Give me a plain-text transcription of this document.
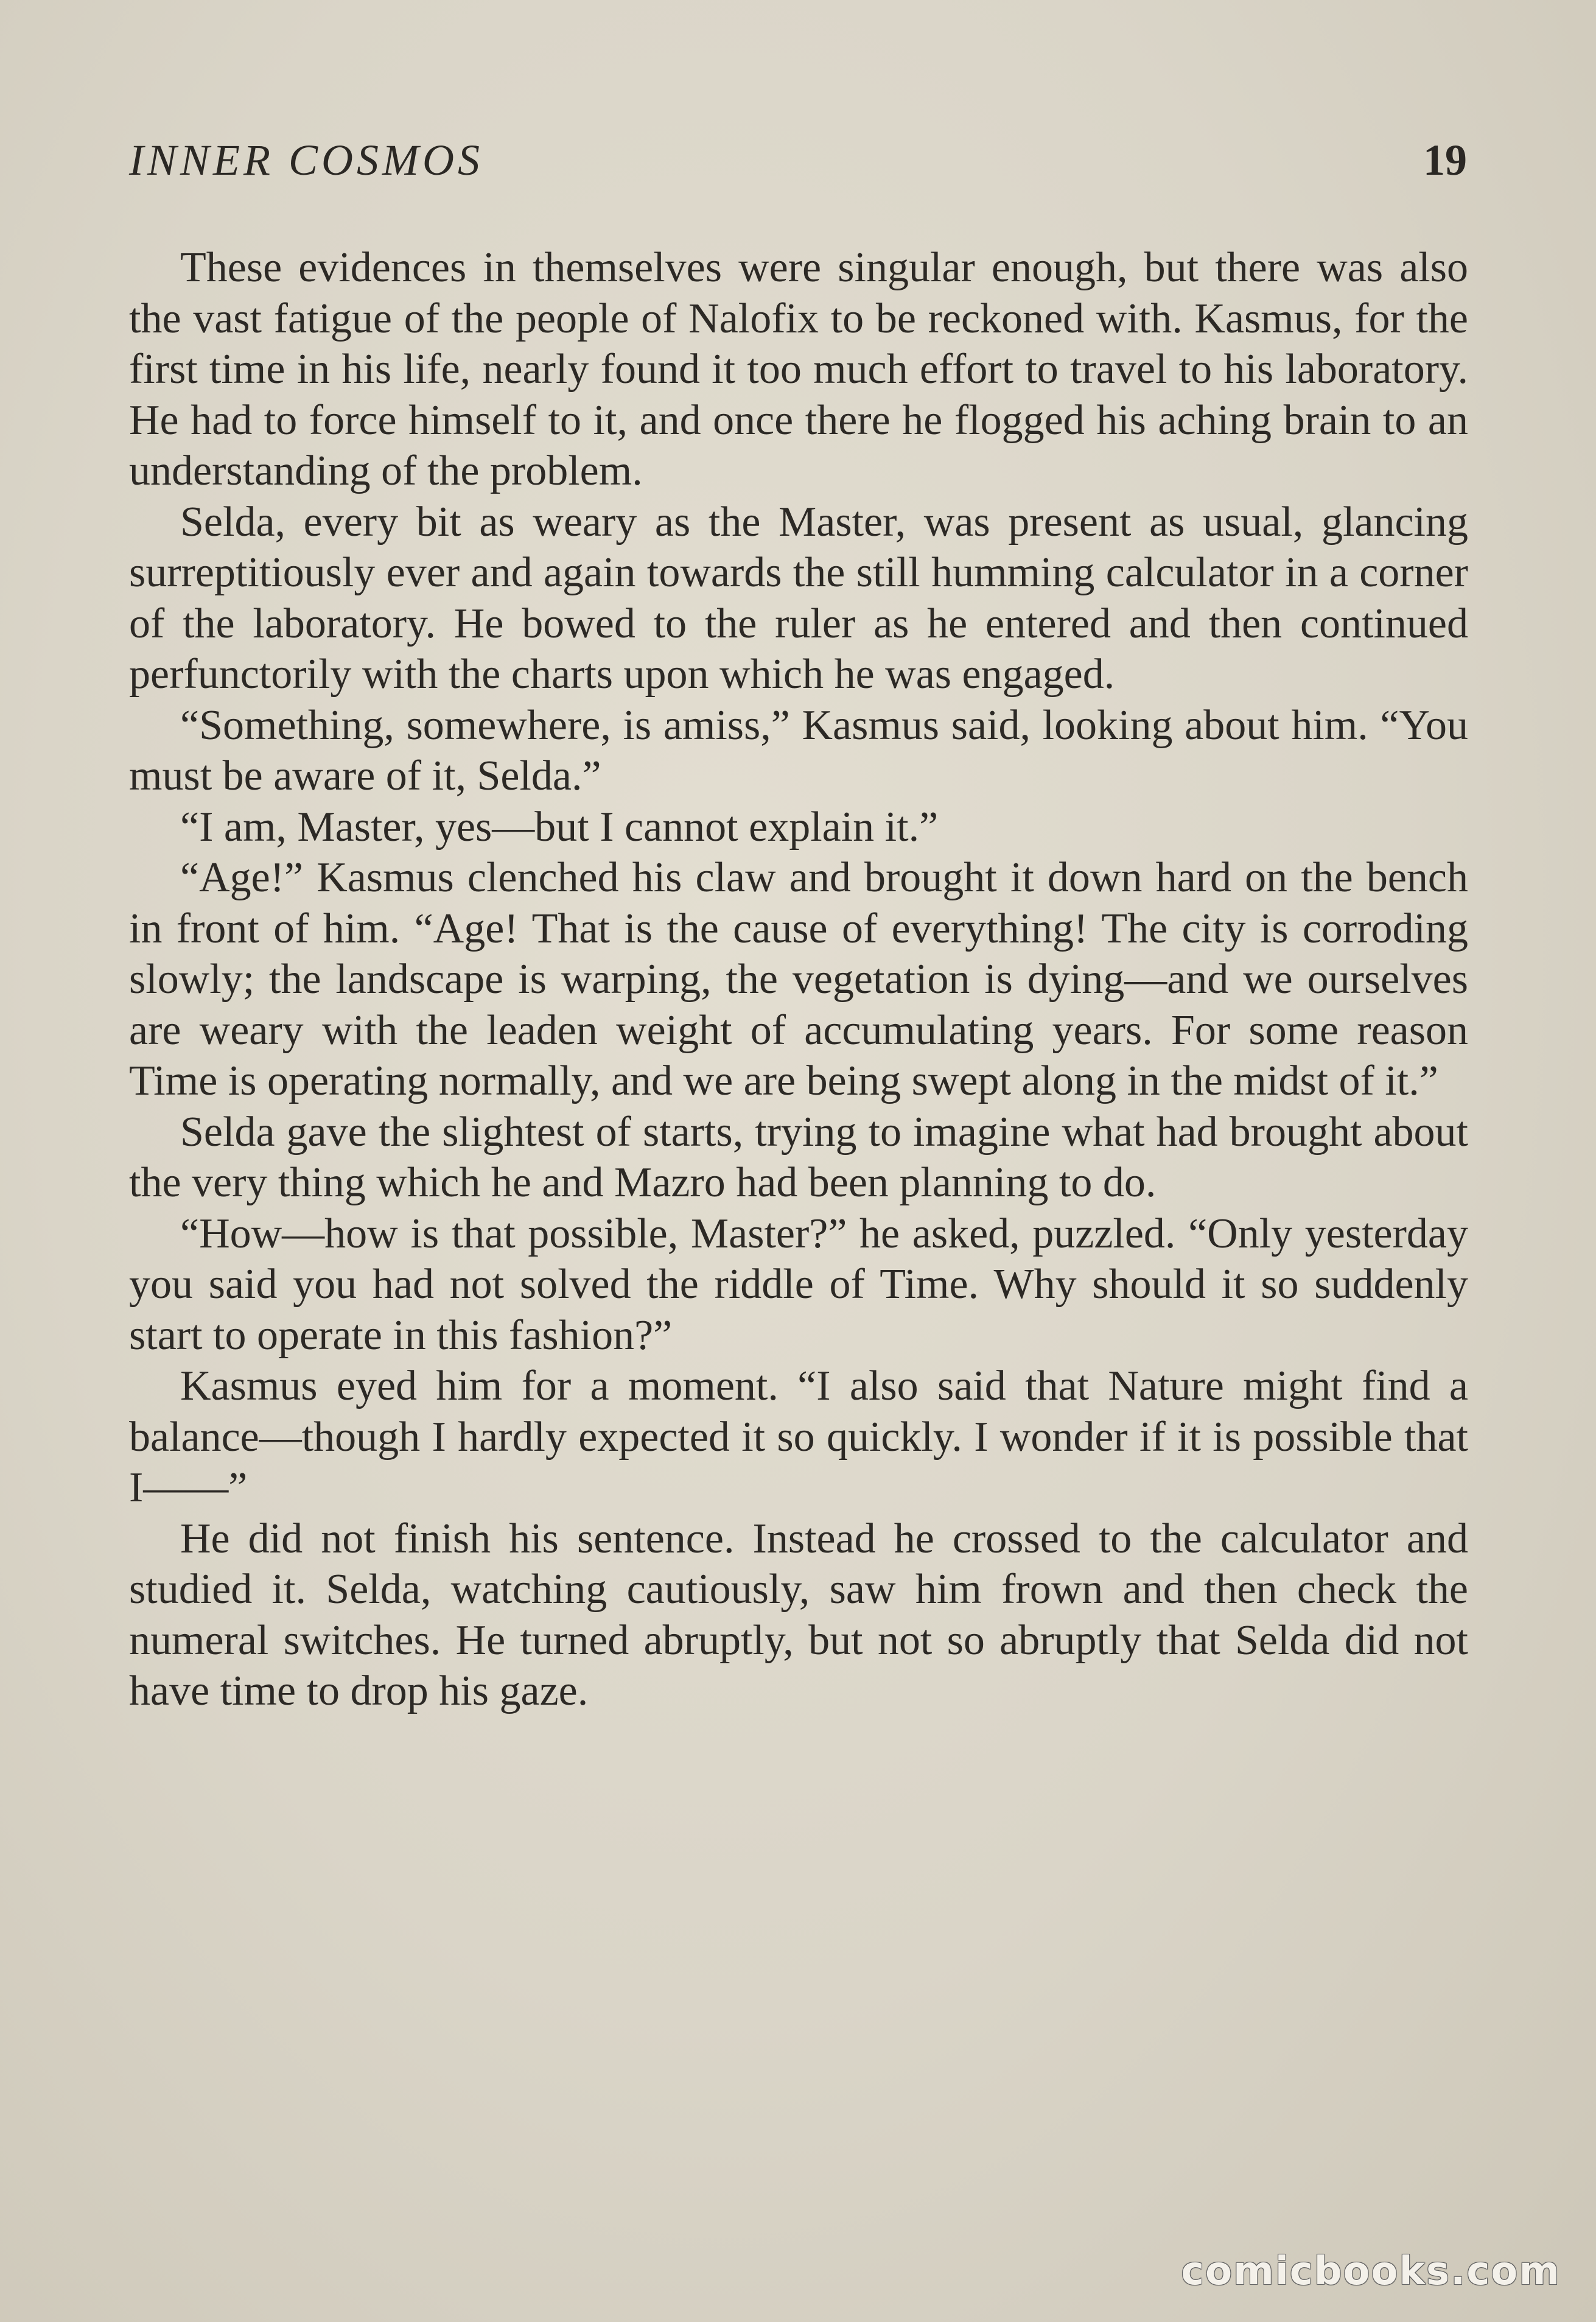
INNER COSMOS	19

These evidences in themselves were singular enough, but there was also the vast fatigue of the people of Nalofix to be reckoned with. Kasmus, for the first time in his life, nearly found it too much effort to travel to his laboratory. He had to force himself to it, and once there he flogged his aching brain to an understanding of the problem.

Selda, every bit as weary as the Master, was present as usual, glancing surreptitiously ever and again towards the still humming calculator in a corner of the laboratory. He bowed to the ruler as he entered and then continued perfunctorily with the charts upon which he was engaged.

“Something, somewhere, is amiss,” Kasmus said, looking about him. “You must be aware of it, Selda.”

“I am, Master, yes—but I cannot explain it.”

“Age!” Kasmus clenched his claw and brought it down hard on the bench in front of him. “Age! That is the cause of everything! The city is corroding slowly; the landscape is warping, the vegetation is dying—and we ourselves are weary with the leaden weight of accumulating years. For some reason Time is operating normally, and we are being swept along in the midst of it.”

Selda gave the slightest of starts, trying to imagine what had brought about the very thing which he and Mazro had been planning to do.

“How—how is that possible, Master?” he asked, puzzled. “Only yesterday you said you had not solved the riddle of Time. Why should it so suddenly start to operate in this fashion?”

Kasmus eyed him for a moment. “I also said that Nature might find a balance—though I hardly expected it so quickly. I wonder if it is possible that I——”

He did not finish his sentence. Instead he crossed to the calculator and studied it. Selda, watching cautiously, saw him frown and then check the numeral switches. He turned abruptly, but not so abruptly that Selda did not have time to drop his gaze.

comicbooks.com
